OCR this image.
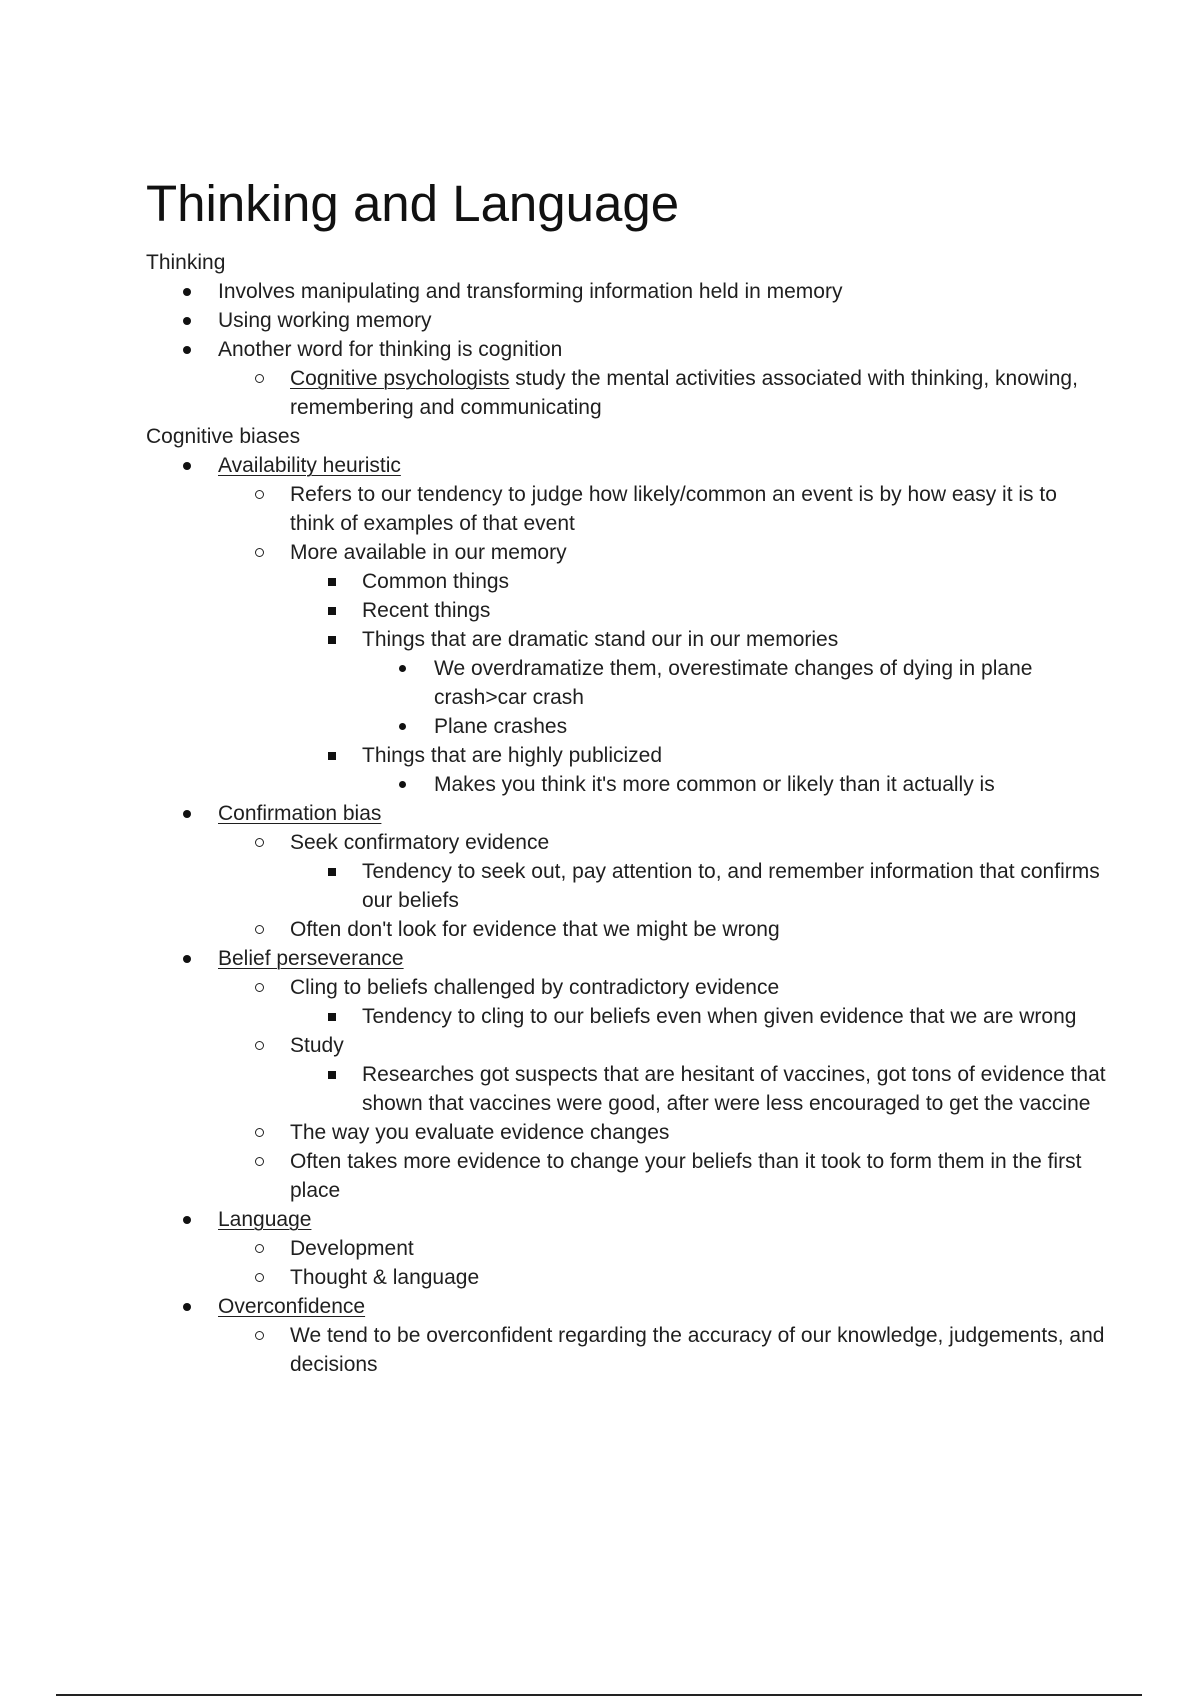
Thinking and Language

Thinking

Involves manipulating and transforming information held in memory
Using working memory
Another word for thinking is cognition
Cognitive psychologists study the mental activities associated with thinking, knowing, remembering and communicating

Cognitive biases

Availability heuristic
Refers to our tendency to judge how likely/common an event is by how easy it is to think of examples of that event
More available in our memory
Common things
Recent things
Things that are dramatic stand our in our memories
We overdramatize them, overestimate changes of dying in plane crash>car crash
Plane crashes
Things that are highly publicized
Makes you think it's more common or likely than it actually is
Confirmation bias
Seek confirmatory evidence
Tendency to seek out, pay attention to, and remember information that confirms our beliefs
Often don't look for evidence that we might be wrong
Belief perseverance
Cling to beliefs challenged by contradictory evidence
Tendency to cling to our beliefs even when given evidence that we are wrong
Study
Researches got suspects that are hesitant of vaccines, got tons of evidence that shown that vaccines were good, after were less encouraged to get the vaccine
The way you evaluate evidence changes
Often takes more evidence to change your beliefs than it took to form them in the first place
Language
Development
Thought & language
Overconfidence
We tend to be overconfident regarding the accuracy of our knowledge, judgements, and decisions
